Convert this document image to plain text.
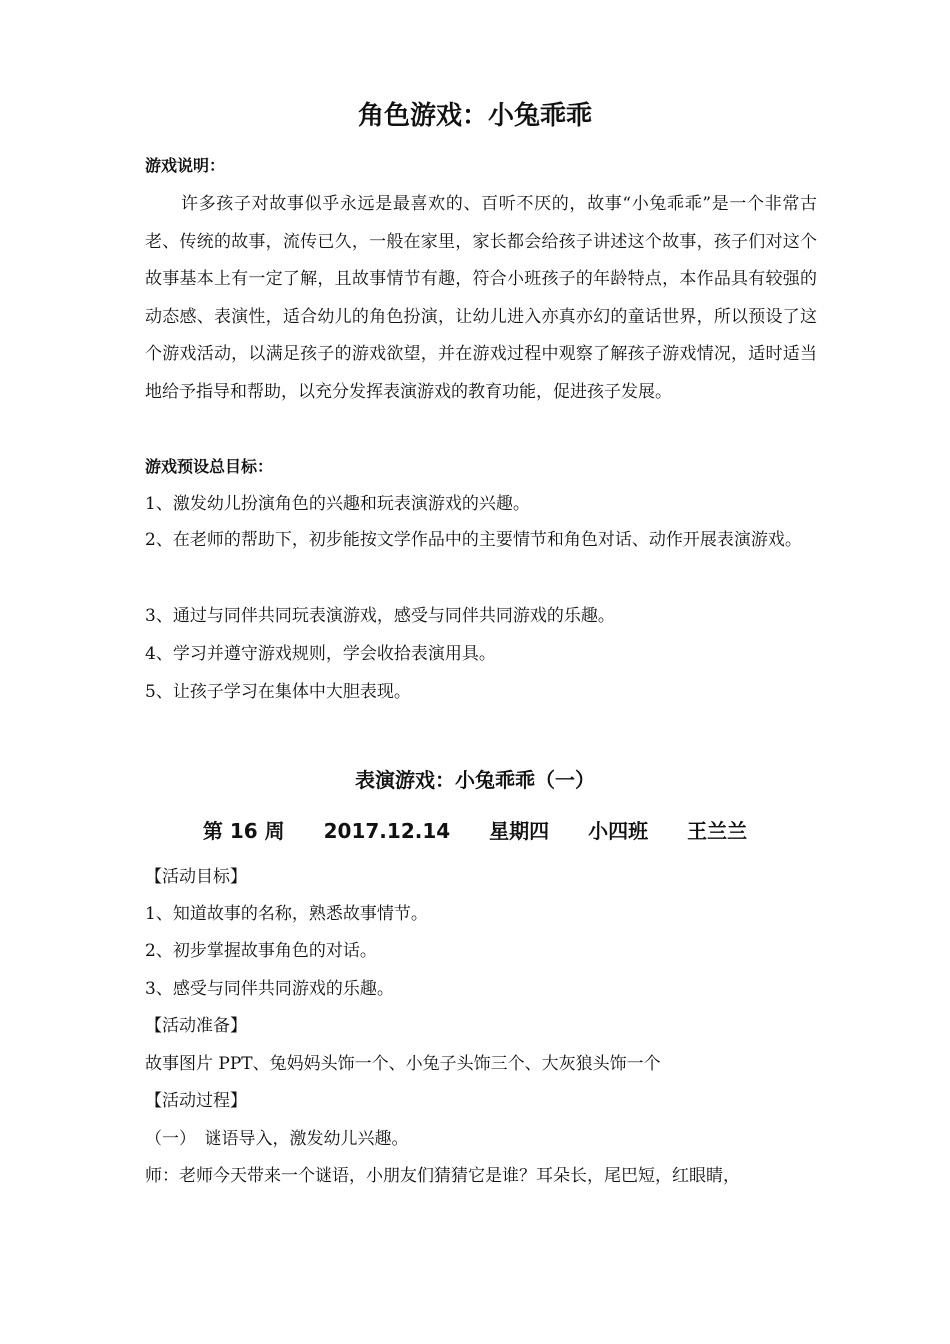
角色游戏：小兔乖乖
游戏说明：
许多孩子对故事似乎永远是最喜欢的、百听不厌的，故事“小兔乖乖”是一个非常古老、传统的故事，流传已久，一般在家里，家长都会给孩子讲述这个故事，孩子们对这个故事基本上有一定了解，且故事情节有趣，符合小班孩子的年龄特点，本作品具有较强的动态感、表演性，适合幼儿的角色扮演，让幼儿进入亦真亦幻的童话世界，所以预设了这个游戏活动，以满足孩子的游戏欲望，并在游戏过程中观察了解孩子游戏情况，适时适当地给予指导和帮助，以充分发挥表演游戏的教育功能，促进孩子发展。
游戏预设总目标：
1、激发幼儿扮演角色的兴趣和玩表演游戏的兴趣。
2、在老师的帮助下，初步能按文学作品中的主要情节和角色对话、动作开展表演游戏。
3、通过与同伴共同玩表演游戏，感受与同伴共同游戏的乐趣。
4、学习并遵守游戏规则，学会收拾表演用具。
5、让孩子学习在集体中大胆表现。
表演游戏：小兔乖乖（一）
第 16 周 2017.12.14 星期四 小四班 王兰兰
【活动目标】
1、知道故事的名称，熟悉故事情节。
2、初步掌握故事角色的对话。
3、感受与同伴共同游戏的乐趣。
【活动准备】
故事图片 PPT、兔妈妈头饰一个、小兔子头饰三个、大灰狼头饰一个
【活动过程】
（一）　谜语导入，激发幼儿兴趣。
师：老师今天带来一个谜语，小朋友们猜猜它是谁？耳朵长，尾巴短，红眼睛，
